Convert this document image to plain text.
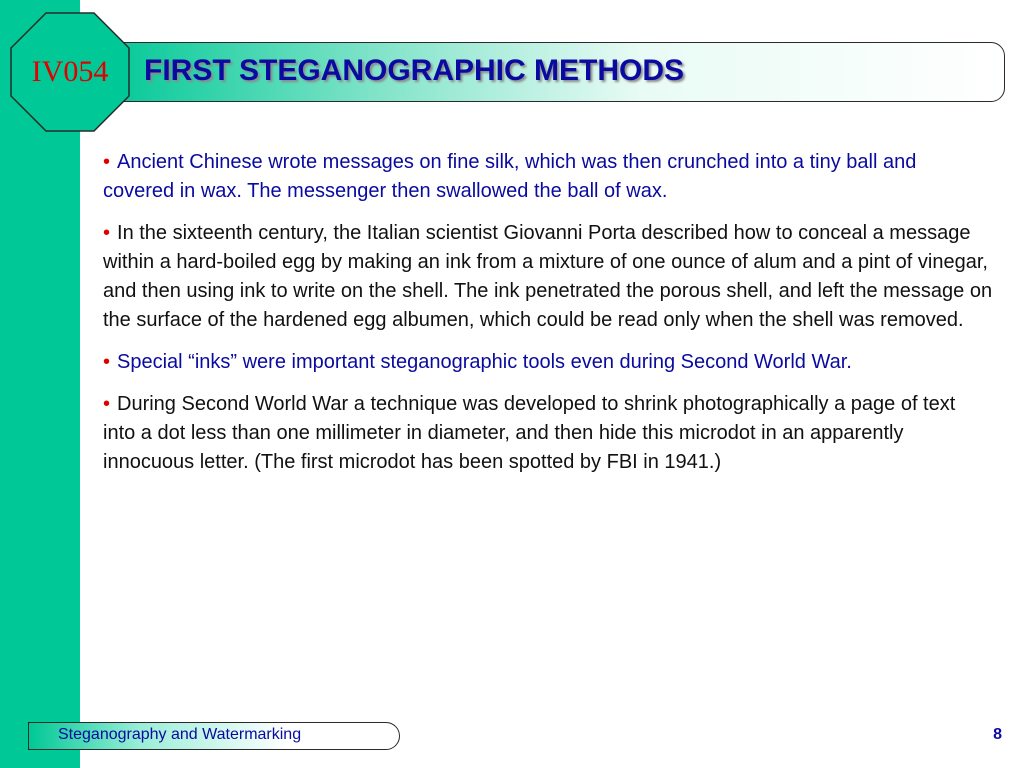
FIRST STEGANOGRAPHIC METHODS
IV054
• Ancient Chinese wrote messages on fine silk, which was then crunched into a tiny ball and covered in wax. The messenger then swallowed the ball of wax.
• In the sixteenth century, the Italian scientist Giovanni Porta described how to conceal a message within a hard-boiled egg by making an ink from a mixture of one ounce of alum and a pint of vinegar, and then using ink to write on the shell. The ink penetrated the porous shell, and left the message on the surface of the hardened egg albumen, which could be read only when the shell was removed.
• Special “inks” were important steganographic tools even during Second World War.
• During Second World War a technique was developed to shrink photographically a page of text into a dot less than one millimeter in diameter, and then hide this microdot in an apparently innocuous letter. (The first microdot has been spotted by FBI in 1941.)
Steganography and Watermarking	8
